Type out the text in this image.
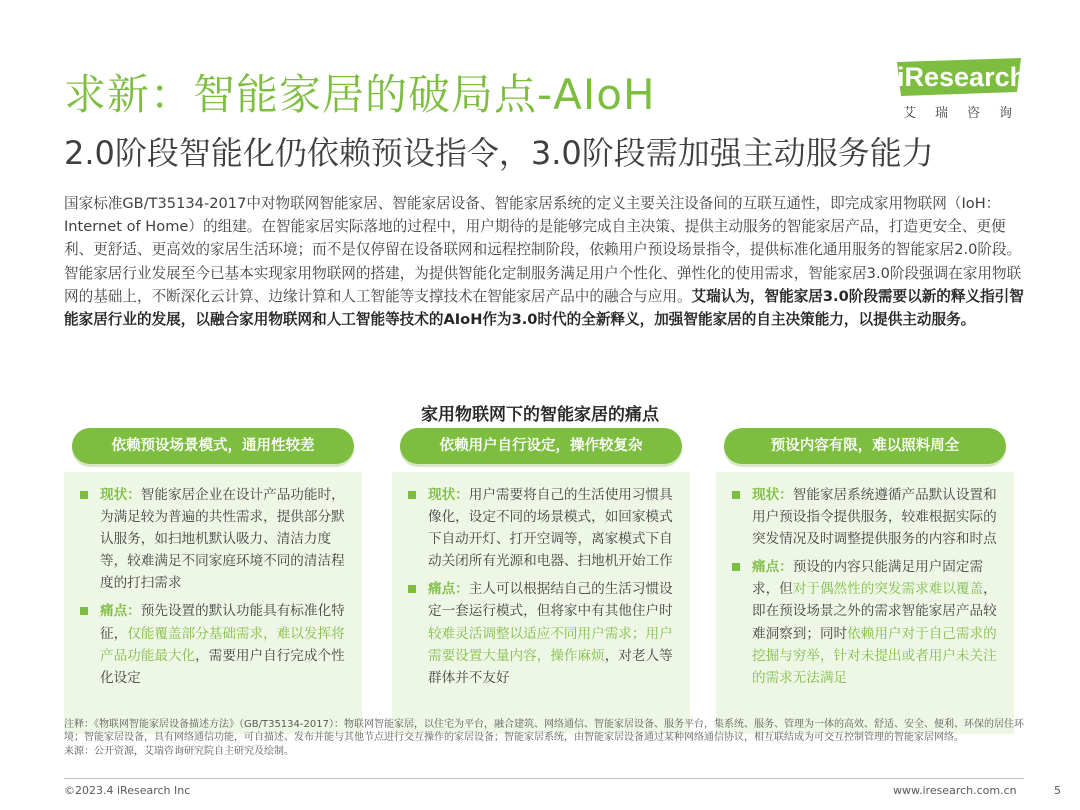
求新：智能家居的破局点-AIoH	iResearch
艾瑞咨询
2.0阶段智能化仍依赖预设指令，3.0阶段需加强主动服务能力

国家标准GB/T35134-2017中对物联网智能家居、智能家居设备、智能家居系统的定义主要关注设备间的互联互通性，即完成家用物联网（IoH：Internet of Home）的组建。在智能家居实际落地的过程中，用户期待的是能够完成自主决策、提供主动服务的智能家居产品，打造更安全、更便利、更舒适、更高效的家居生活环境；而不是仅停留在设备联网和远程控制阶段，依赖用户预设场景指令，提供标准化通用服务的智能家居2.0阶段。

智能家居行业发展至今已基本实现家用物联网的搭建，为提供智能化定制服务满足用户个性化、弹性化的使用需求，智能家居3.0阶段强调在家用物联网的基础上，不断深化云计算、边缘计算和人工智能等支撑技术在智能家居产品中的融合与应用。艾瑞认为，智能家居3.0阶段需要以新的释义指引智能家居行业的发展，以融合家用物联网和人工智能等技术的AIoH作为3.0时代的全新释义，加强智能家居的自主决策能力，以提供主动服务。

家用物联网下的智能家居的痛点
依赖预设场景模式，通用性较差
现状：智能家居企业在设计产品功能时，为满足较为普遍的共性需求，提供部分默认服务，如扫地机默认吸力、清洁力度等，较难满足不同家庭环境不同的清洁程度的打扫需求
痛点：预先设置的默认功能具有标准化特征，仅能覆盖部分基础需求，难以发挥将产品功能最大化，需要用户自行完成个性化设定
依赖用户自行设定，操作较复杂
现状：用户需要将自己的生活使用习惯具像化，设定不同的场景模式，如回家模式下自动开灯、打开空调等，离家模式下自动关闭所有光源和电器、扫地机开始工作
痛点：主人可以根据结自己的生活习惯设定一套运行模式，但将家中有其他住户时较难灵活调整以适应不同用户需求；用户需要设置大量内容，操作麻烦，对老人等群体并不友好
预设内容有限，难以照料周全
现状：智能家居系统遵循产品默认设置和用户预设指令提供服务，较难根据实际的突发情况及时调整提供服务的内容和时点
痛点：预设的内容只能满足用户固定需求，但对于偶然性的突发需求难以覆盖，即在预设场景之外的需求智能家居产品较难洞察到；同时依赖用户对于自己需求的挖掘与穷举，针对未提出或者用户未关注的需求无法满足

注释：《物联网智能家居设备描述方法》（GB/T35134-2017）：物联网智能家居，以住宅为平台，融合建筑、网络通信、智能家居设备、服务平台，集系统、服务、管理为一体的高效、舒适、安全、便利、环保的居住环境；智能家居设备，具有网络通信功能，可自描述、发布并能与其他节点进行交互操作的家居设备；智能家居系统，由智能家居设备通过某种网络通信协议，相互联结成为可交互控制管理的智能家居网络。

来源：公开资源，艾瑞咨询研究院自主研究及绘制。

©2023.4 iResearch Inc	www.iresearch.com.cn	5
